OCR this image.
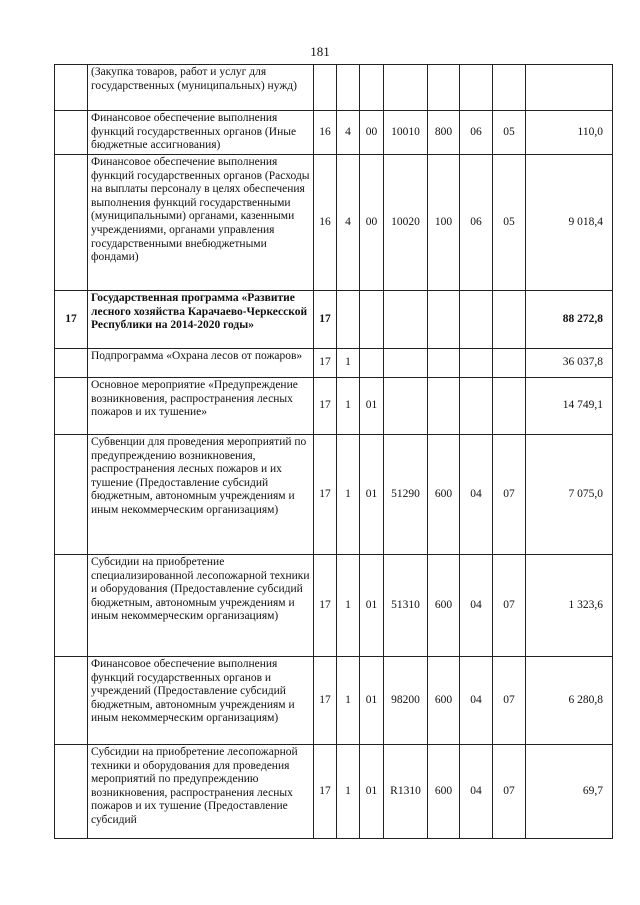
181
	(Закупка товаров, работ и услуг для государственных (муниципальных) нужд)								
	Финансовое обеспечение выполнения функций государственных органов (Иные бюджетные ассигнования)	16	4	00	10010	800	06	05	110,0
	Финансовое обеспечение выполнения функций государственных органов (Расходы на выплаты персоналу в целях обеспечения выполнения функций государственными (муниципальными) органами, казенными учреждениями, органами управления государственными внебюджетными фондами)	16	4	00	10020	100	06	05	9 018,4
17	Государственная программа «Развитие лесного хозяйства Карачаево-Черкесской Республики на 2014-2020 годы»	17							88 272,8
	Подпрограмма «Охрана лесов от пожаров»	17	1						36 037,8
	Основное мероприятие «Предупреждение возникновения, распространения лесных пожаров и их тушение»	17	1	01					14 749,1
	Субвенции для проведения мероприятий по предупреждению возникновения, распространения лесных пожаров и их тушение (Предоставление субсидий бюджетным, автономным учреждениям и иным некоммерческим организациям)	17	1	01	51290	600	04	07	7 075,0
	Субсидии на приобретение специализированной лесопожарной техники и оборудования (Предоставление субсидий бюджетным, автономным учреждениям и иным некоммерческим организациям)	17	1	01	51310	600	04	07	1 323,6
	Финансовое обеспечение выполнения функций государственных органов и учреждений (Предоставление субсидий бюджетным, автономным учреждениям и иным некоммерческим организациям)	17	1	01	98200	600	04	07	6 280,8
	Субсидии на приобретение лесопожарной техники и оборудования для проведения мероприятий по предупреждению возникновения, распространения лесных пожаров и их тушение (Предоставление субсидий	17	1	01	R1310	600	04	07	69,7
